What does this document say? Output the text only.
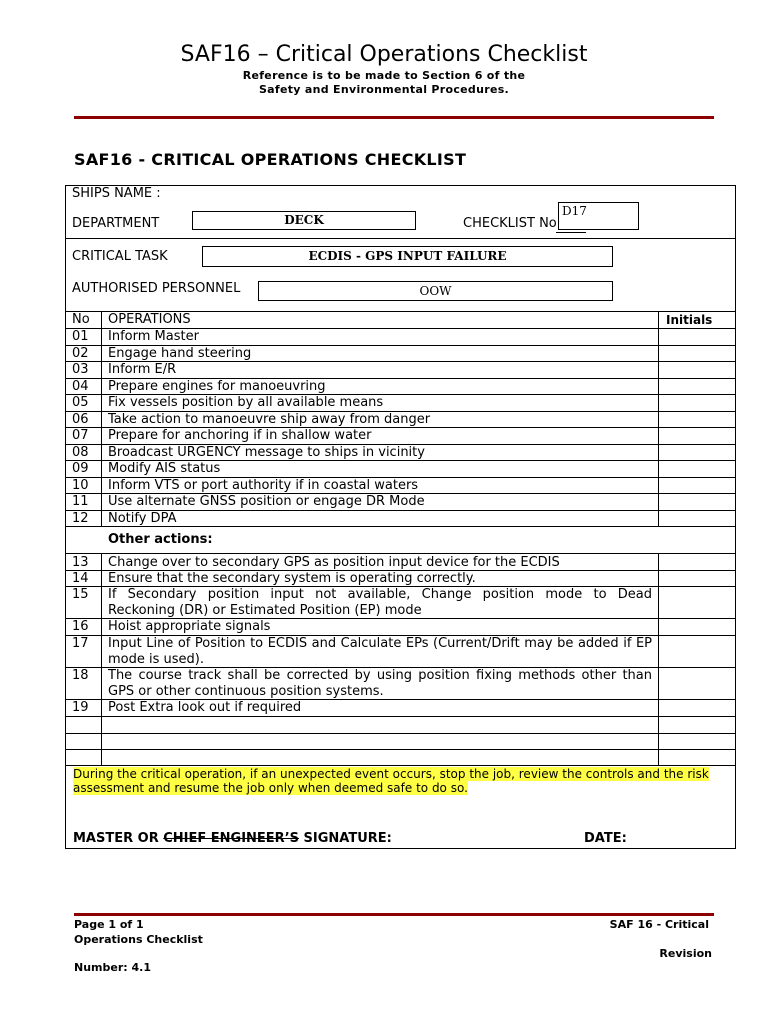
SAF16 – Critical Operations Checklist
Reference is to be made to Section 6 of the
Safety and Environmental Procedures.
SAF16 - CRITICAL OPERATIONS CHECKLIST
SHIPS NAME :
DEPARTMENT	DECK	CHECKLIST No
D17
CRITICAL TASK	ECDIS - GPS INPUT FAILURE
AUTHORISED PERSONNEL	OOW
No OPERATIONS	Initials
01 Inform Master
02 Engage hand steering
03 Inform E/R
04 Prepare engines for manoeuvring
05 Fix vessels position by all available means
06 Take action to manoeuvre ship away from danger
07 Prepare for anchoring if in shallow water
08 Broadcast URGENCY message to ships in vicinity
09 Modify AIS status
10 Inform VTS or port authority if in coastal waters
11 Use alternate GNSS position or engage DR Mode
12 Notify DPA
Other actions:
13 Change over to secondary GPS as position input device for the ECDIS
14 Ensure that the secondary system is operating correctly.
15 If Secondary position input not available, Change position mode to Dead Reckoning (DR) or Estimated Position (EP) mode
16 Hoist appropriate signals
17 Input Line of Position to ECDIS and Calculate EPs (Current/Drift may be added if EP mode is used).
18 The course track shall be corrected by using position fixing methods other than GPS or other continuous position systems.
19 Post Extra look out if required
During the critical operation, if an unexpected event occurs, stop the job, review the controls and the risk assessment and resume the job only when deemed safe to do so.
MASTER OR CHIEF ENGINEER’S SIGNATURE:	DATE:
Page 1 of 1	SAF 16 - Critical
Operations Checklist
Revision
Number: 4.1
